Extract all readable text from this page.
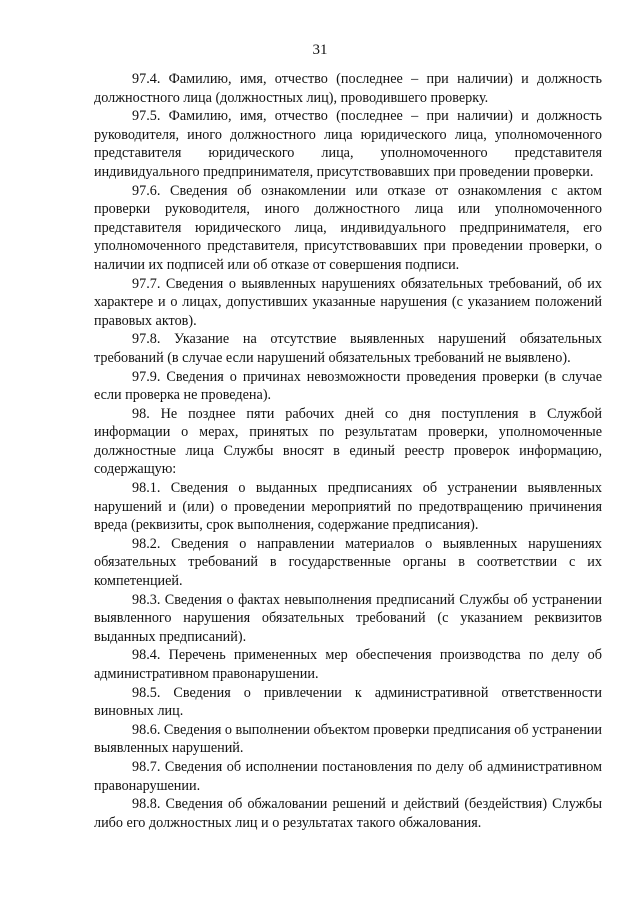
31

97.4. Фамилию, имя, отчество (последнее – при наличии) и должность должностного лица (должностных лиц), проводившего проверку.

97.5. Фамилию, имя, отчество (последнее – при наличии) и должность руководителя, иного должностного лица юридического лица, уполномоченного представителя юридического лица, уполномоченного представителя индивидуального предпринимателя, присутствовавших при проведении проверки.

97.6. Сведения об ознакомлении или отказе от ознакомления с актом проверки руководителя, иного должностного лица или уполномоченного представителя юридического лица, индивидуального предпринимателя, его уполномоченного представителя, присутствовавших при проведении проверки, о наличии их подписей или об отказе от совершения подписи.

97.7. Сведения о выявленных нарушениях обязательных требований, об их характере и о лицах, допустивших указанные нарушения (с указанием положений правовых актов).

97.8. Указание на отсутствие выявленных нарушений обязательных требований (в случае если нарушений обязательных требований не выявлено).

97.9. Сведения о причинах невозможности проведения проверки (в случае если проверка не проведена).

98. Не позднее пяти рабочих дней со дня поступления в Службой информации о мерах, принятых по результатам проверки, уполномоченные должностные лица Службы вносят в единый реестр проверок информацию, содержащую:

98.1. Сведения о выданных предписаниях об устранении выявленных нарушений и (или) о проведении мероприятий по предотвращению причинения вреда (реквизиты, срок выполнения, содержание предписания).

98.2. Сведения о направлении материалов о выявленных нарушениях обязательных требований в государственные органы в соответствии с их компетенцией.

98.3. Сведения о фактах невыполнения предписаний Службы об устранении выявленного нарушения обязательных требований (с указанием реквизитов выданных предписаний).

98.4. Перечень примененных мер обеспечения производства по делу об административном правонарушении.

98.5. Сведения о привлечении к административной ответственности виновных лиц.

98.6. Сведения о выполнении объектом проверки предписания об устранении выявленных нарушений.

98.7. Сведения об исполнении постановления по делу об административном правонарушении.

98.8. Сведения об обжаловании решений и действий (бездействия) Службы либо его должностных лиц и о результатах такого обжалования.
